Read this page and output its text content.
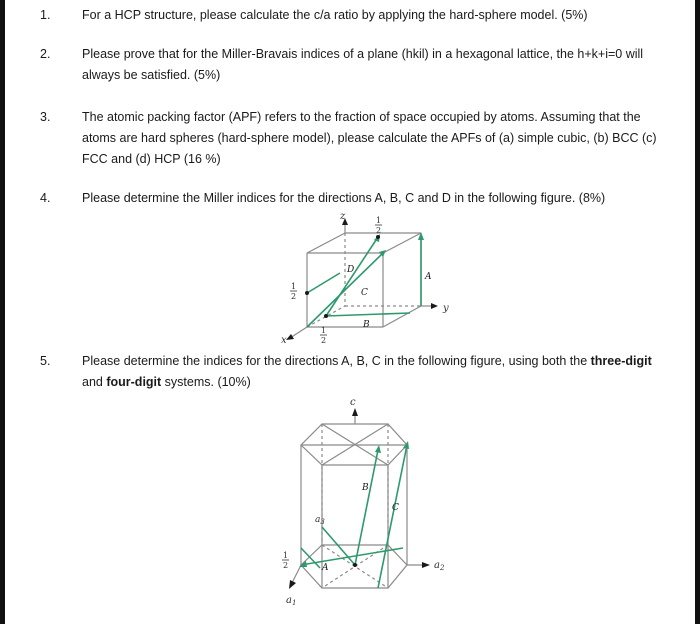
1.	For a HCP structure, please calculate the c/a ratio by applying the hard-sphere model. (5%)
2.	Please prove that for the Miller-Bravais indices of a plane (hkil) in a hexagonal lattice, the h+k+i=0 will always be satisfied. (5%)
3.	The atomic packing factor (APF) refers to the fraction of space occupied by atoms. Assuming that the atoms are hard spheres (hard-sphere model), please calculate the APFs of (a) simple cubic, (b) BCC (c) FCC and (d) HCP (16 %)
4.	Please determine the Miller indices for the directions A, B, C and D in the following figure. (8%)
z
y
x
1
2
1
2
1
2
A
B
C
D
5.	Please determine the indices for the directions A, B, C in the following figure, using both the three-digit and four-digit systems. (10%)
c
$a_2$
$a_1$
$a_3$
1
2	A
B
C
